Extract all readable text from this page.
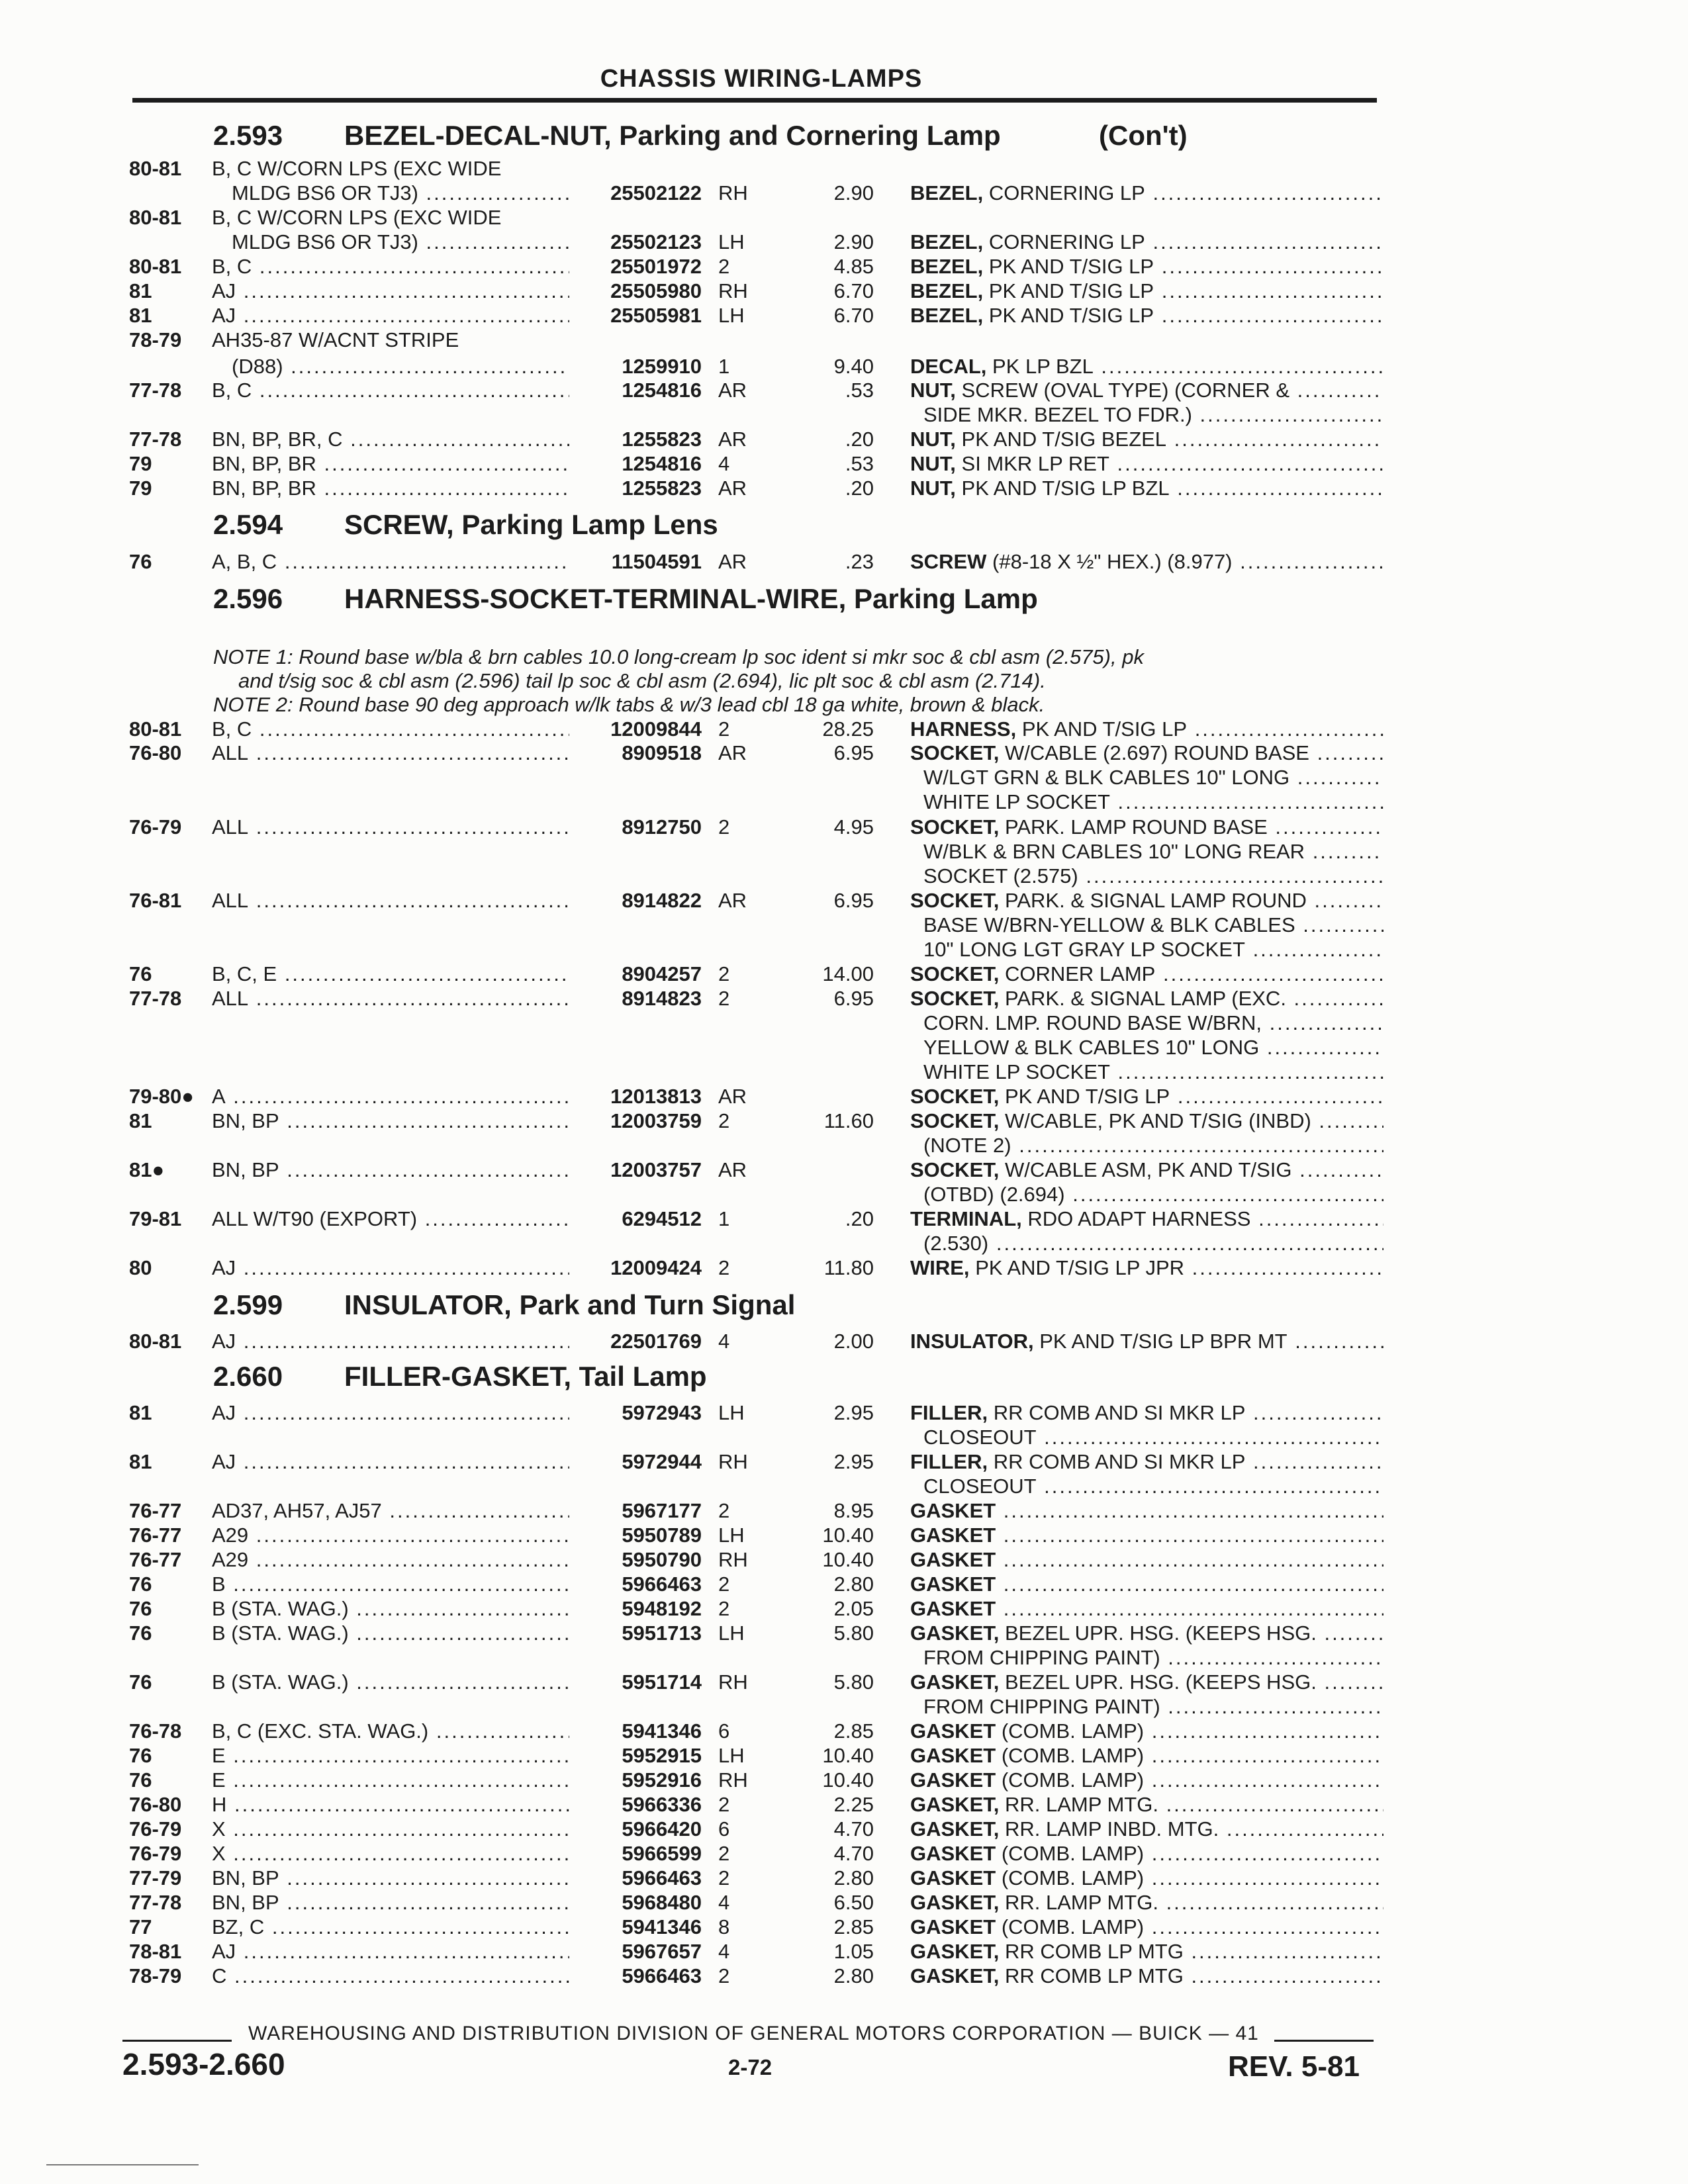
CHASSIS WIRING-LAMPS
2.593 BEZEL-DECAL-NUT, Parking and Cornering Lamp	(Con't)
80-81 B, C W/CORN LPS (EXC WIDE
MLDG BS6 OR TJ3) .....	25502122 RH	2.90 BEZEL, CORNERING LP .....
80-81 B, C W/CORN LPS (EXC WIDE
MLDG BS6 OR TJ3) .....	25502123 LH	2.90 BEZEL, CORNERING LP .....
80-81 B, C .....	25501972 2	4.85 BEZEL, PK AND T/SIG LP .....
81	AJ .....	25505980 RH	6.70 BEZEL, PK AND T/SIG LP .....
81	AJ .....	25505981 LH	6.70 BEZEL, PK AND T/SIG LP .....
78-79 AH35-87 W/ACNT STRIPE
(D88) .....	1259910 1	9.40 DECAL, PK LP BZL .....
77-78 B, C .....	1254816 AR	.53 NUT, SCREW (OVAL TYPE) (CORNER & .....
SIDE MKR. BEZEL TO FDR.) .....
77-78 BN, BP, BR, C .....	1255823 AR	.20 NUT, PK AND T/SIG BEZEL .....
79	BN, BP, BR .....	1254816 4	.53 NUT, SI MKR LP RET .....
79	BN, BP, BR .....	1255823 AR	.20 NUT, PK AND T/SIG LP BZL .....
2.594 SCREW, Parking Lamp Lens
76	A, B, C .....	11504591 AR	.23 SCREW (#8-18 X ½" HEX.) (8.977) .....
2.596 HARNESS-SOCKET-TERMINAL-WIRE, Parking Lamp
NOTE 1: Round base w/bla & brn cables 10.0 long-cream lp soc ident si mkr soc & cbl asm (2.575), pk
and t/sig soc & cbl asm (2.596) tail lp soc & cbl asm (2.694), lic plt soc & cbl asm (2.714).
NOTE 2: Round base 90 deg approach w/lk tabs & w/3 lead cbl 18 ga white, brown & black.
80-81 B, C .....	12009844 2	28.25 HARNESS, PK AND T/SIG LP .....
76-80 ALL .....	8909518 AR	6.95 SOCKET, W/CABLE (2.697) ROUND BASE .....
W/LGT GRN & BLK CABLES 10" LONG .....
WHITE LP SOCKET .....
76-79 ALL .....	8912750 2	4.95 SOCKET, PARK. LAMP ROUND BASE .....
W/BLK & BRN CABLES 10" LONG REAR .....
SOCKET (2.575) .....
76-81 ALL .....	8914822 AR	6.95 SOCKET, PARK. & SIGNAL LAMP ROUND .....
BASE W/BRN-YELLOW & BLK CABLES .....
10" LONG LGT GRAY LP SOCKET .....
76	B, C, E .....	8904257 2	14.00 SOCKET, CORNER LAMP .....
77-78 ALL .....	8914823 2	6.95 SOCKET, PARK. & SIGNAL LAMP (EXC. .....
CORN. LMP. ROUND BASE W/BRN, .....
YELLOW & BLK CABLES 10" LONG .....
WHITE LP SOCKET .....
79-80● A .....	12013813 AR	SOCKET, PK AND T/SIG LP .....
81	BN, BP .....	12003759 2	11.60 SOCKET, W/CABLE, PK AND T/SIG (INBD) .....
(NOTE 2) .....
81● BN, BP .....	12003757 AR	SOCKET, W/CABLE ASM, PK AND T/SIG .....
(OTBD) (2.694) .....
79-81 ALL W/T90 (EXPORT) .....	6294512 1	.20 TERMINAL, RDO ADAPT HARNESS .....
(2.530) .....
80	AJ .....	12009424 2	11.80 WIRE, PK AND T/SIG LP JPR .....
2.599 INSULATOR, Park and Turn Signal
80-81 AJ .....	22501769 4	2.00 INSULATOR, PK AND T/SIG LP BPR MT .....
2.660 FILLER-GASKET, Tail Lamp
81	AJ .....	5972943 LH	2.95 FILLER, RR COMB AND SI MKR LP .....
CLOSEOUT .....
81	AJ .....	5972944 RH	2.95 FILLER, RR COMB AND SI MKR LP .....
CLOSEOUT .....
76-77 AD37, AH57, AJ57 .....	5967177 2	8.95 GASKET .....
76-77 A29 .....	5950789 LH	10.40 GASKET .....
76-77 A29 .....	5950790 RH	10.40 GASKET .....
76	B .....	5966463 2	2.80 GASKET .....
76	B (STA. WAG.) .....	5948192 2	2.05 GASKET .....
76	B (STA. WAG.) .....	5951713 LH	5.80 GASKET, BEZEL UPR. HSG. (KEEPS HSG. .....
FROM CHIPPING PAINT) .....
76	B (STA. WAG.) .....	5951714 RH	5.80 GASKET, BEZEL UPR. HSG. (KEEPS HSG. .....
FROM CHIPPING PAINT) .....
76-78 B, C (EXC. STA. WAG.) .....	5941346 6	2.85 GASKET (COMB. LAMP) .....
76	E .....	5952915 LH	10.40 GASKET (COMB. LAMP) .....
76	E .....	5952916 RH	10.40 GASKET (COMB. LAMP) .....
76-80 H .....	5966336 2	2.25 GASKET, RR. LAMP MTG. .....
76-79 X .....	5966420 6	4.70 GASKET, RR. LAMP INBD. MTG. .....
76-79 X .....	5966599 2	4.70 GASKET (COMB. LAMP) .....
77-79 BN, BP .....	5966463 2	2.80 GASKET (COMB. LAMP) .....
77-78 BN, BP .....	5968480 4	6.50 GASKET, RR. LAMP MTG. .....
77	BZ, C .....	5941346 8	2.85 GASKET (COMB. LAMP) .....
78-81 AJ .....	5967657 4	1.05 GASKET, RR COMB LP MTG .....
78-79 C .....	5966463 2	2.80 GASKET, RR COMB LP MTG .....
WAREHOUSING AND DISTRIBUTION DIVISION OF GENERAL MOTORS CORPORATION — BUICK — 41
2.593-2.660	2-72	REV. 5-81
